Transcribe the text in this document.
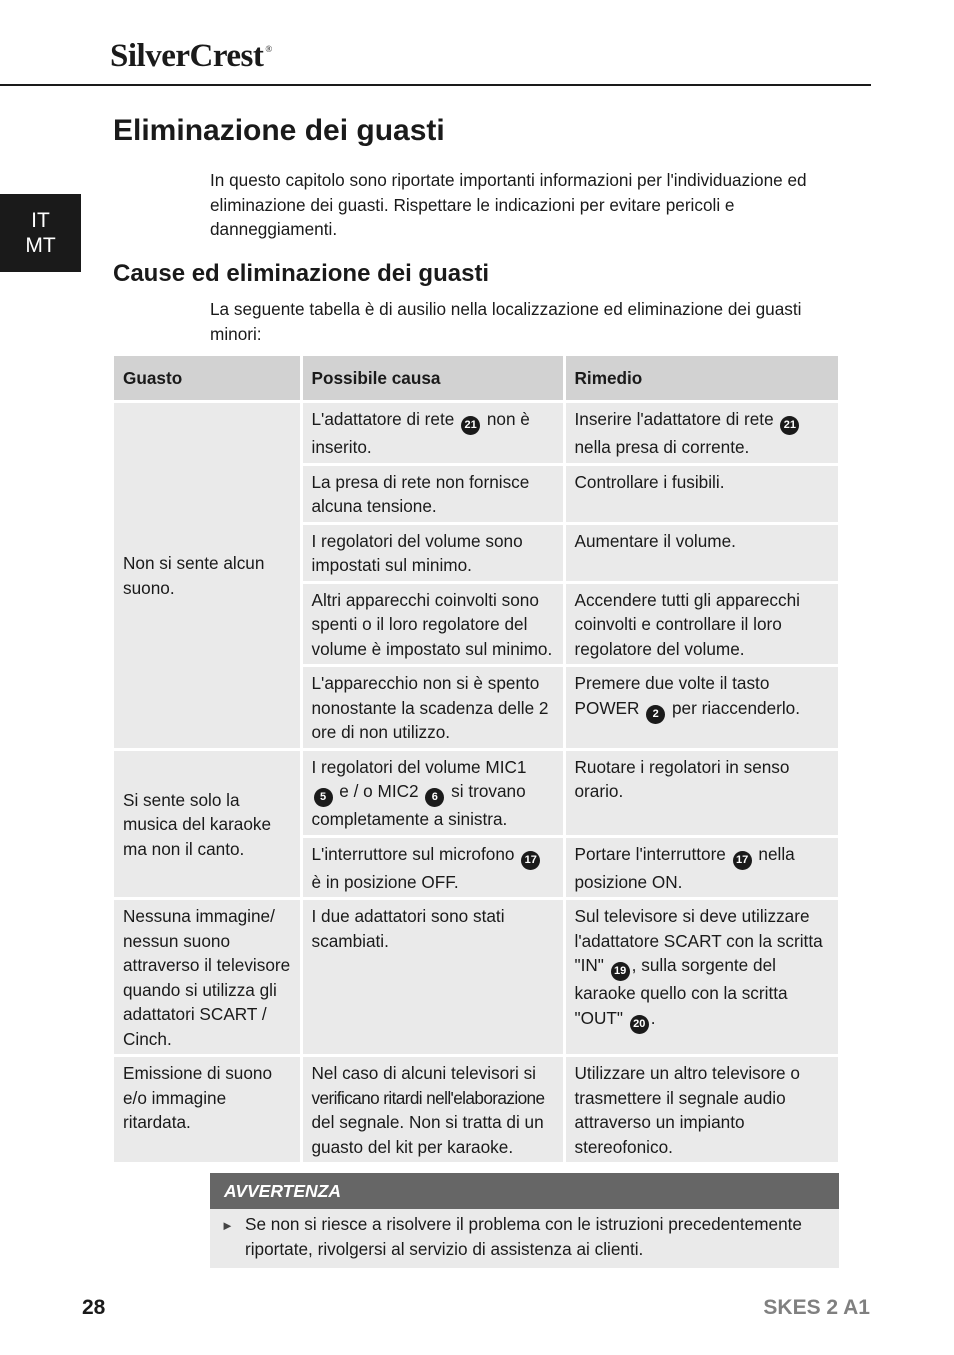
SilverCrest ®
IT
MT
Eliminazione dei guasti

In questo capitolo sono riportate importanti informazioni per l'individuazione ed eliminazione dei guasti. Rispettare le indicazioni per evitare pericoli e danneggiamenti.

Cause ed eliminazione dei guasti

La seguente tabella è di ausilio nella localizzazione ed eliminazione dei guasti minori:

Guasto	Possibile causa	Rimedio
Non si sente alcun suono.	L'adattatore di rete 21 non è inserito.	Inserire l'adattatore di rete 21 nella presa di corrente.
	La presa di rete non fornisce alcuna tensione.	Controllare i fusibili.
	I regolatori del volume sono impostati sul minimo.	Aumentare il volume.
	Altri apparecchi coinvolti sono spenti o il loro regolatore del volume è impostato sul minimo.	Accendere tutti gli apparecchi coinvolti e controllare il loro regolatore del volume.
	L'apparecchio non si è spento nonostante la scadenza delle 2 ore di non utilizzo.	Premere due volte il tasto POWER 2 per riaccenderlo.
Si sente solo la musica del karaoke ma non il canto.	I regolatori del volume MIC1 5 e / o MIC2 6 si trovano completamente a sinistra.	Ruotare i regolatori in senso orario.
	L'interruttore sul microfono 17 è in posizione OFF.	Portare l'interruttore 17 nella posizione ON.
Nessuna immagine/ nessun suono attraverso il televisore quando si utilizza gli adattatori SCART / Cinch.	I due adattatori sono stati scambiati.	Sul televisore si deve utilizzare l'adattatore SCART con la scritta "IN" 19 , sulla sorgente del karaoke quello con la scritta "OUT" 20 .
Emissione di suono e/o immagine ritardata.	Nel caso di alcuni televisori si verificano ritardi nell'elaborazione del segnale. Non si tratta di un guasto del kit per karaoke.	Utilizzare un altro televisore o trasmettere il segnale audio attraverso un impianto stereofonico.
AVVERTENZA
► Se non si riesce a risolvere il problema con le istruzioni precedentemente riportate, rivolgersi al servizio di assistenza ai clienti.
28	SKES 2 A1
